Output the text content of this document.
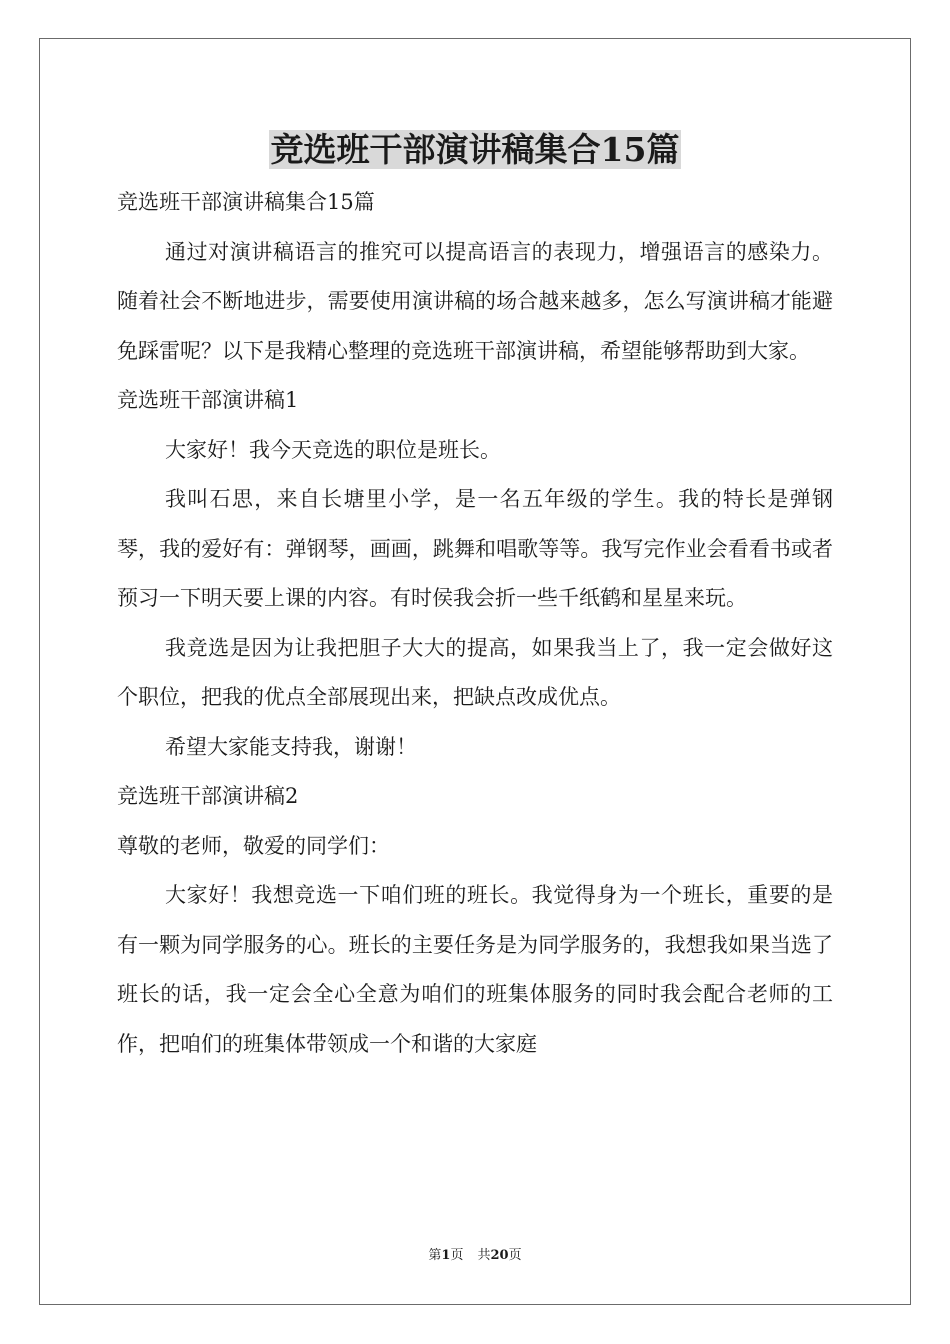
竞选班干部演讲稿集合15篇

竞选班干部演讲稿集合15篇

通过对演讲稿语言的推究可以提高语言的表现力，增强语言的感染力。随着社会不断地进步，需要使用演讲稿的场合越来越多，怎么写演讲稿才能避免踩雷呢？以下是我精心整理的竞选班干部演讲稿，希望能够帮助到大家。

竞选班干部演讲稿1

大家好！我今天竞选的职位是班长。

我叫石思，来自长塘里小学，是一名五年级的学生。我的特长是弹钢琴，我的爱好有：弹钢琴，画画，跳舞和唱歌等等。我写完作业会看看书或者预习一下明天要上课的内容。有时侯我会折一些千纸鹤和星星来玩。

我竞选是因为让我把胆子大大的提高，如果我当上了，我一定会做好这个职位，把我的优点全部展现出来，把缺点改成优点。

希望大家能支持我，谢谢！

竞选班干部演讲稿2

尊敬的老师，敬爱的同学们：

大家好！我想竞选一下咱们班的班长。我觉得身为一个班长，重要的是有一颗为同学服务的心。班长的主要任务是为同学服务的，我想我如果当选了班长的话，我一定会全心全意为咱们的班集体服务的同时我会配合老师的工作，把咱们的班集体带领成一个和谐的大家庭

第1页 共20页
